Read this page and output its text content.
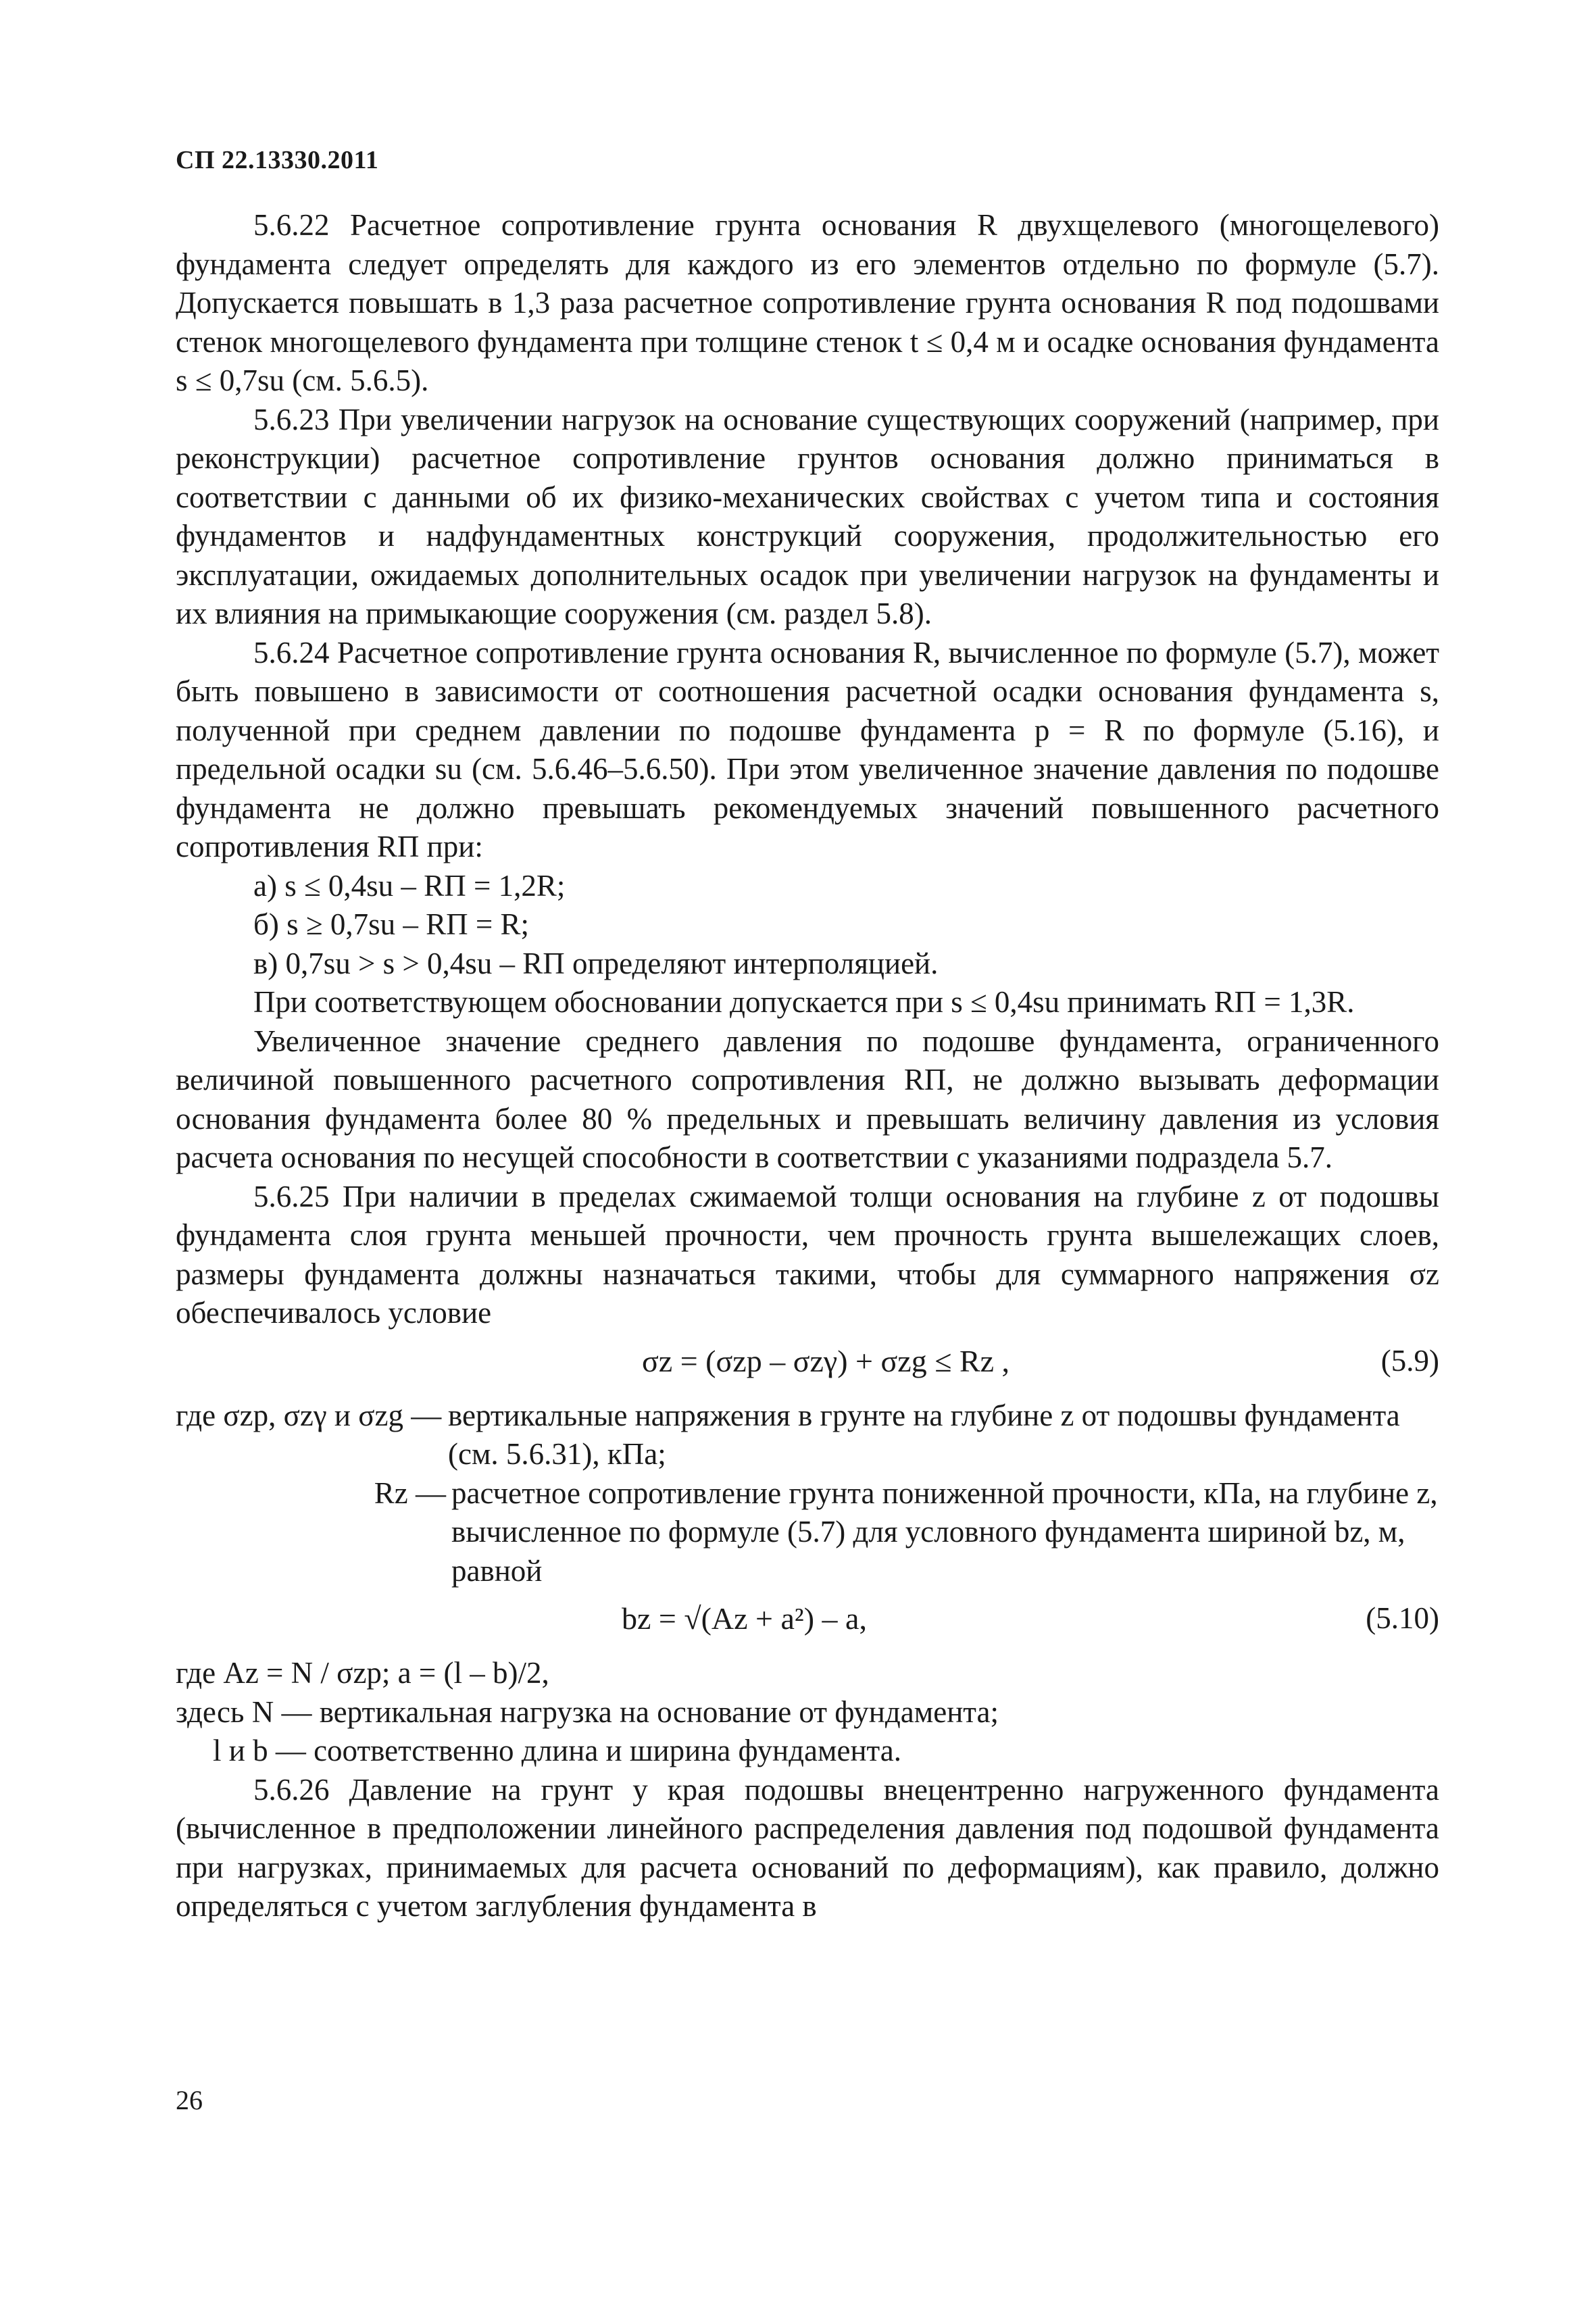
СП 22.13330.2011

5.6.22 Расчетное сопротивление грунта основания R двухщелевого (многощелевого) фундамента следует определять для каждого из его элементов отдельно по формуле (5.7). Допускается повышать в 1,3 раза расчетное сопротивление грунта основания R под подошвами стенок многощелевого фундамента при толщине стенок t ≤ 0,4 м и осадке основания фундамента s ≤ 0,7su (см. 5.6.5).

5.6.23 При увеличении нагрузок на основание существующих сооружений (например, при реконструкции) расчетное сопротивление грунтов основания должно приниматься в соответствии с данными об их физико-механических свойствах с учетом типа и состояния фундаментов и надфундаментных конструкций сооружения, продолжительностью его эксплуатации, ожидаемых дополнительных осадок при увеличении нагрузок на фундаменты и их влияния на примыкающие сооружения (см. раздел 5.8).

5.6.24 Расчетное сопротивление грунта основания R, вычисленное по формуле (5.7), может быть повышено в зависимости от соотношения расчетной осадки основания фундамента s, полученной при среднем давлении по подошве фундамента p = R по формуле (5.16), и предельной осадки su (см. 5.6.46–5.6.50). При этом увеличенное значение давления по подошве фундамента не должно превышать рекомендуемых значений повышенного расчетного сопротивления RП при:

а) s ≤ 0,4su – RП = 1,2R;

б) s ≥ 0,7su – RП = R;

в) 0,7su > s > 0,4su – RП определяют интерполяцией.

При соответствующем обосновании допускается при s ≤ 0,4su принимать RП = 1,3R.

Увеличенное значение среднего давления по подошве фундамента, ограниченного величиной повышенного расчетного сопротивления RП, не должно вызывать деформации основания фундамента более 80 % предельных и превышать величину давления из условия расчета основания по несущей способности в соответствии с указаниями подраздела 5.7.

5.6.25 При наличии в пределах сжимаемой толщи основания на глубине z от подошвы фундамента слоя грунта меньшей прочности, чем прочность грунта вышележащих слоев, размеры фундамента должны назначаться такими, чтобы для суммарного напряжения σz обеспечивалось условие

σz = (σzp – σzγ) + σzg ≤ Rz ,	(5.9)
где σzp, σzγ и σzg — вертикальные напряжения в грунте на глубине z от подошвы фундамента (см. 5.6.31), кПа;
Rz — расчетное сопротивление грунта пониженной прочности, кПа, на глубине z, вычисленное по формуле (5.7) для условного фундамента шириной bz, м, равной
bz = √(Az + a²) – a,	(5.10)

где Az = N / σzp; a = (l – b)/2,

здесь N — вертикальная нагрузка на основание от фундамента;

l и b — соответственно длина и ширина фундамента.

5.6.26 Давление на грунт у края подошвы внецентренно нагруженного фундамента (вычисленное в предположении линейного распределения давления под подошвой фундамента при нагрузках, принимаемых для расчета оснований по деформациям), как правило, должно определяться с учетом заглубления фундамента в

26
